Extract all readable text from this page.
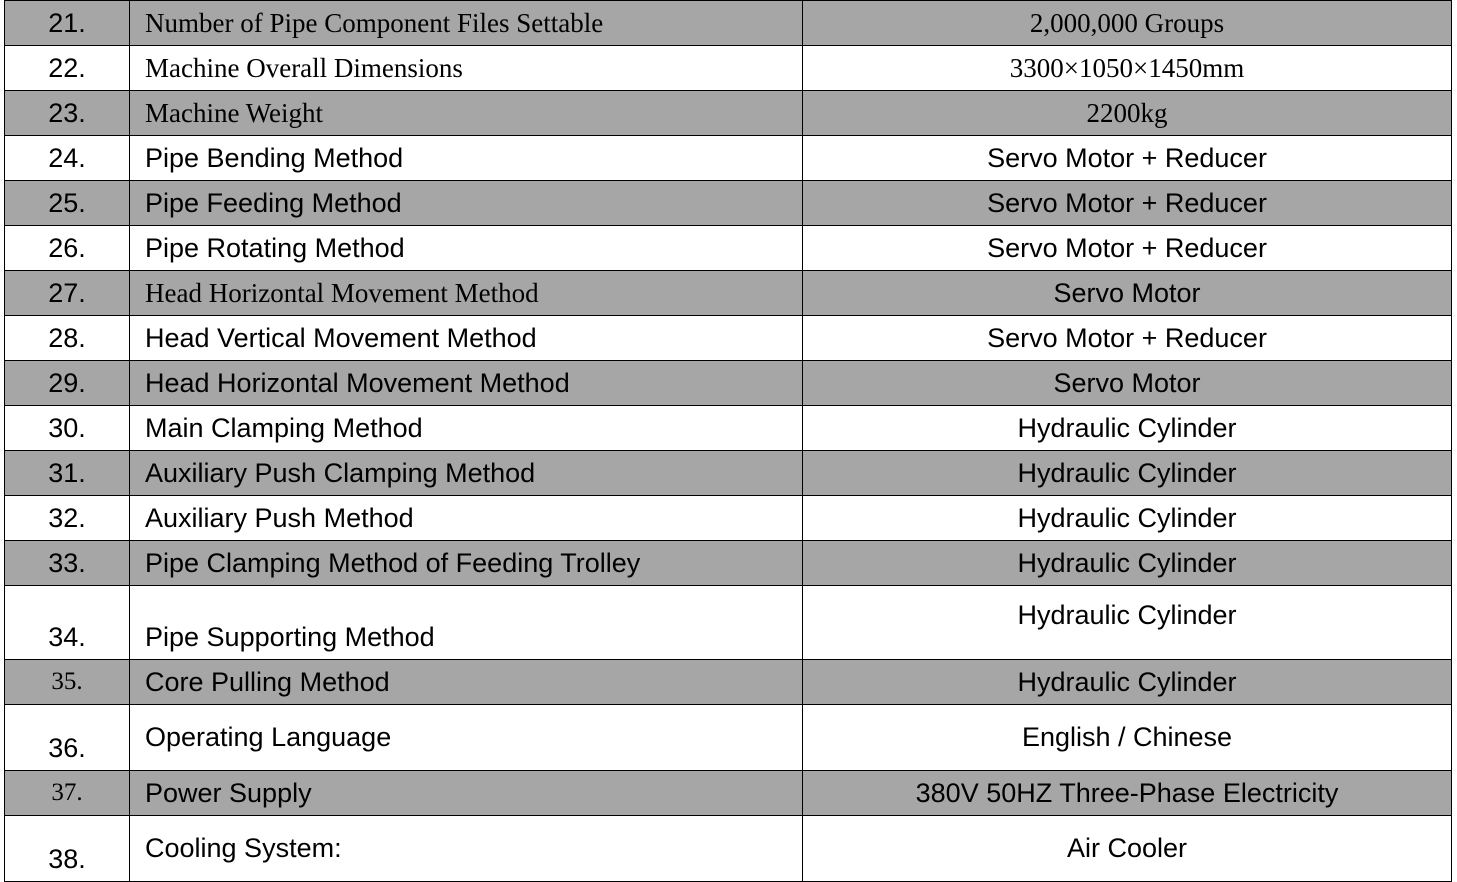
21.	Number of Pipe Component Files Settable	2,000,000 Groups
22.	Machine Overall Dimensions	3300×1050×1450mm
23.	Machine Weight	2200kg
24.	Pipe Bending Method	Servo Motor + Reducer
25.	Pipe Feeding Method	Servo Motor + Reducer
26.	Pipe Rotating Method	Servo Motor + Reducer
27.	Head Horizontal Movement Method	Servo Motor
28.	Head Vertical Movement Method	Servo Motor + Reducer
29.	Head Horizontal Movement Method	Servo Motor
30.	Main Clamping Method	Hydraulic Cylinder
31.	Auxiliary Push Clamping Method	Hydraulic Cylinder
32.	Auxiliary Push Method	Hydraulic Cylinder
33.	Pipe Clamping Method of Feeding Trolley	Hydraulic Cylinder
34.	Pipe Supporting Method	Hydraulic Cylinder
35.	Core Pulling Method	Hydraulic Cylinder
36.	Operating Language	English / Chinese
37.	Power Supply	380V 50HZ Three-Phase Electricity
38.	Cooling System:	Air Cooler
